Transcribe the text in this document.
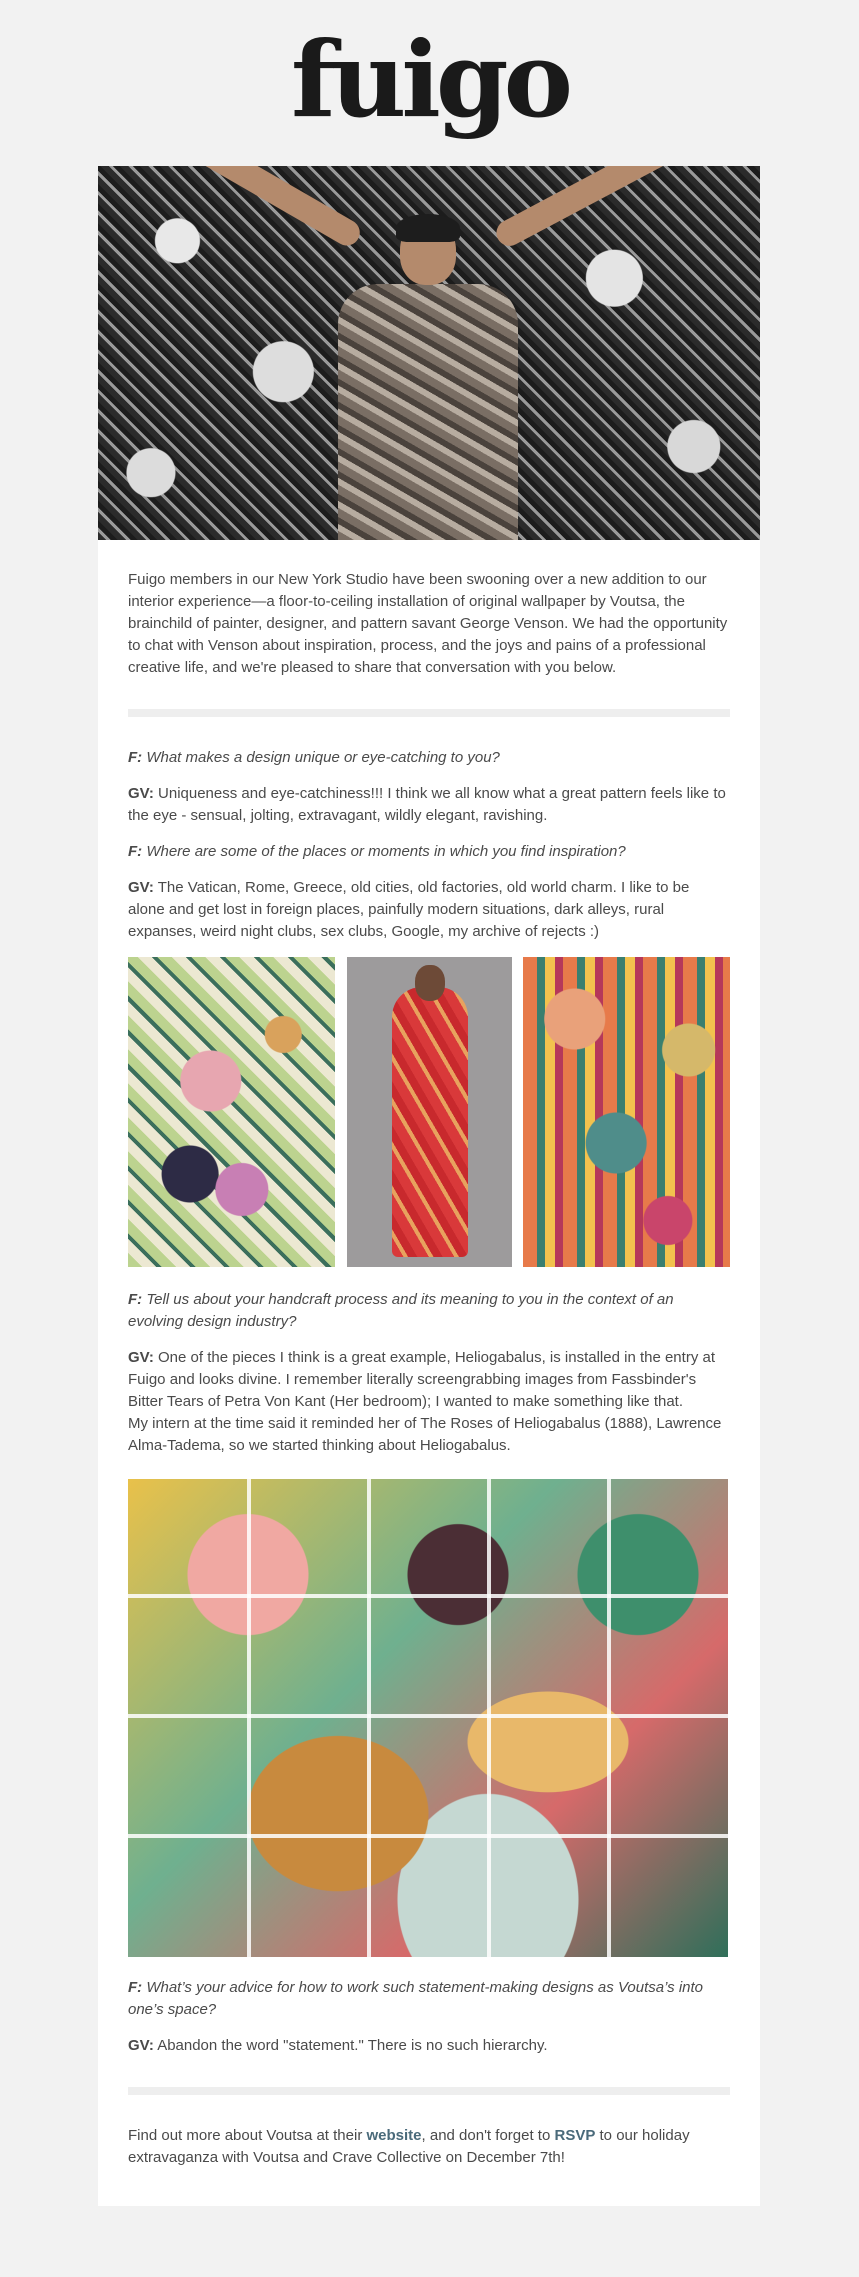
fuigo

Fuigo members in our New York Studio have been swooning over a new addition to our interior experience—a floor-to-ceiling installation of original wallpaper by Voutsa, the brainchild of painter, designer, and pattern savant George Venson. We had the opportunity to chat with Venson about inspiration, process, and the joys and pains of a professional creative life, and we're pleased to share that conversation with you below.

F: What makes a design unique or eye-catching to you?

GV: Uniqueness and eye-catchiness!!! I think we all know what a great pattern feels like to the eye - sensual, jolting, extravagant, wildly elegant, ravishing.

F: Where are some of the places or moments in which you find inspiration?

GV: The Vatican, Rome, Greece, old cities, old factories, old world charm. I like to be alone and get lost in foreign places, painfully modern situations, dark alleys, rural expanses, weird night clubs, sex clubs, Google, my archive of rejects :)

F: Tell us about your handcraft process and its meaning to you in the context of an evolving design industry?

GV: One of the pieces I think is a great example, Heliogabalus, is installed in the entry at Fuigo and looks divine. I remember literally screengrabbing images from Fassbinder's Bitter Tears of Petra Von Kant (Her bedroom); I wanted to make something like that.

My intern at the time said it reminded her of The Roses of Heliogabalus (1888), Lawrence Alma-Tadema, so we started thinking about Heliogabalus.

F: What’s your advice for how to work such statement-making designs as Voutsa’s into one’s space?

GV: Abandon the word "statement." There is no such hierarchy.

Find out more about Voutsa at their website, and don't forget to RSVP to our holiday extravaganza with Voutsa and Crave Collective on December 7th!
